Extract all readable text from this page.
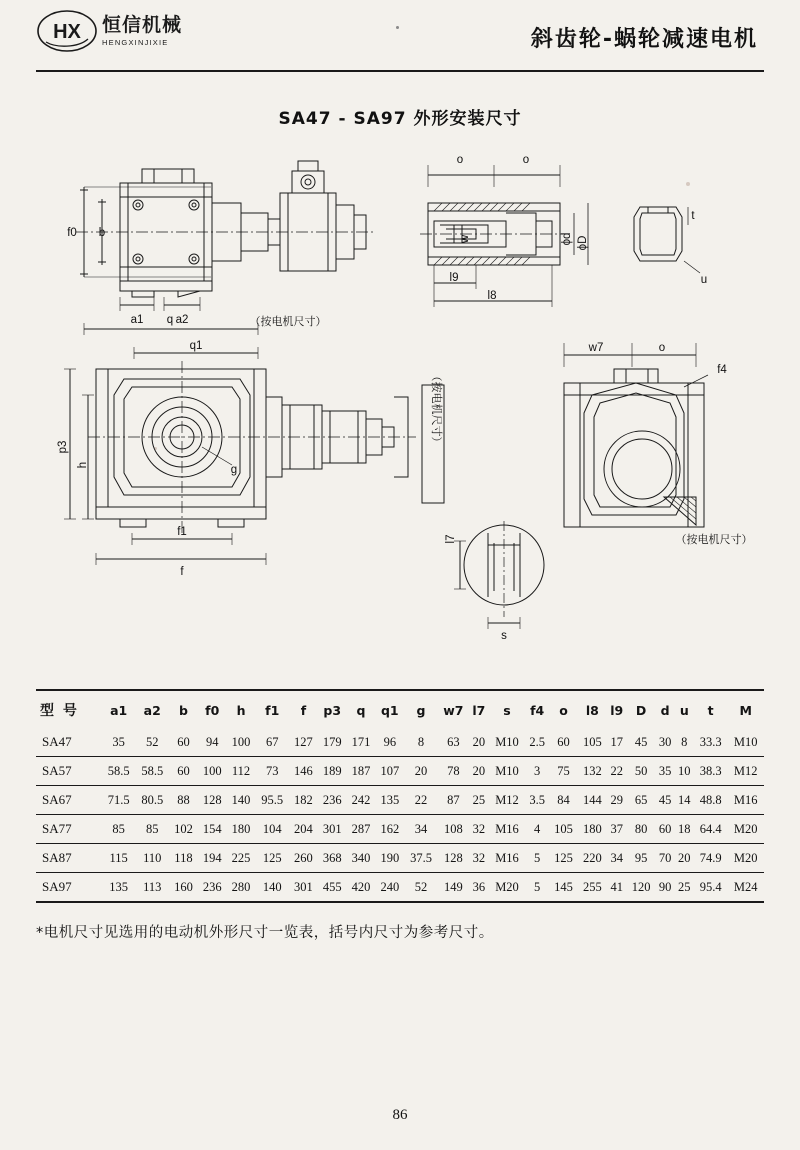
HX 恒信机械
HENGXINJIXIE	斜齿轮-蜗轮减速电机
SA47 - SA97 外形安装尺寸
f0 b
a1	a2
o	o
l9
l8
w	ϕd ϕD
t
u
q
q1
p3
h	g
f1
f
w7	o
f4
l7
s
（按电机尺寸）
（按电机尺寸）
（按电机尺寸）
型 号	a1	a2	b	f0	h	f1	f	p3	q	q1	g	w7	l7	s	f4	o	l8	l9	D	d	u	t	M
SA47	35	52	60	94	100	67	127	179	171	96	8	63	20	M10	2.5	60	105	17	45	30	8	33.3	M10
SA57	58.5	58.5	60	100	112	73	146	189	187	107	20	78	20	M10	3	75	132	22	50	35	10	38.3	M12
SA67	71.5	80.5	88	128	140	95.5	182	236	242	135	22	87	25	M12	3.5	84	144	29	65	45	14	48.8	M16
SA77	85	85	102	154	180	104	204	301	287	162	34	108	32	M16	4	105	180	37	80	60	18	64.4	M20
SA87	115	110	118	194	225	125	260	368	340	190	37.5	128	32	M16	5	125	220	34	95	70	20	74.9	M20
SA97	135	113	160	236	280	140	301	455	420	240	52	149	36	M20	5	145	255	41	120	90	25	95.4	M24
*电机尺寸见选用的电动机外形尺寸一览表，括号内尺寸为参考尺寸。
86
